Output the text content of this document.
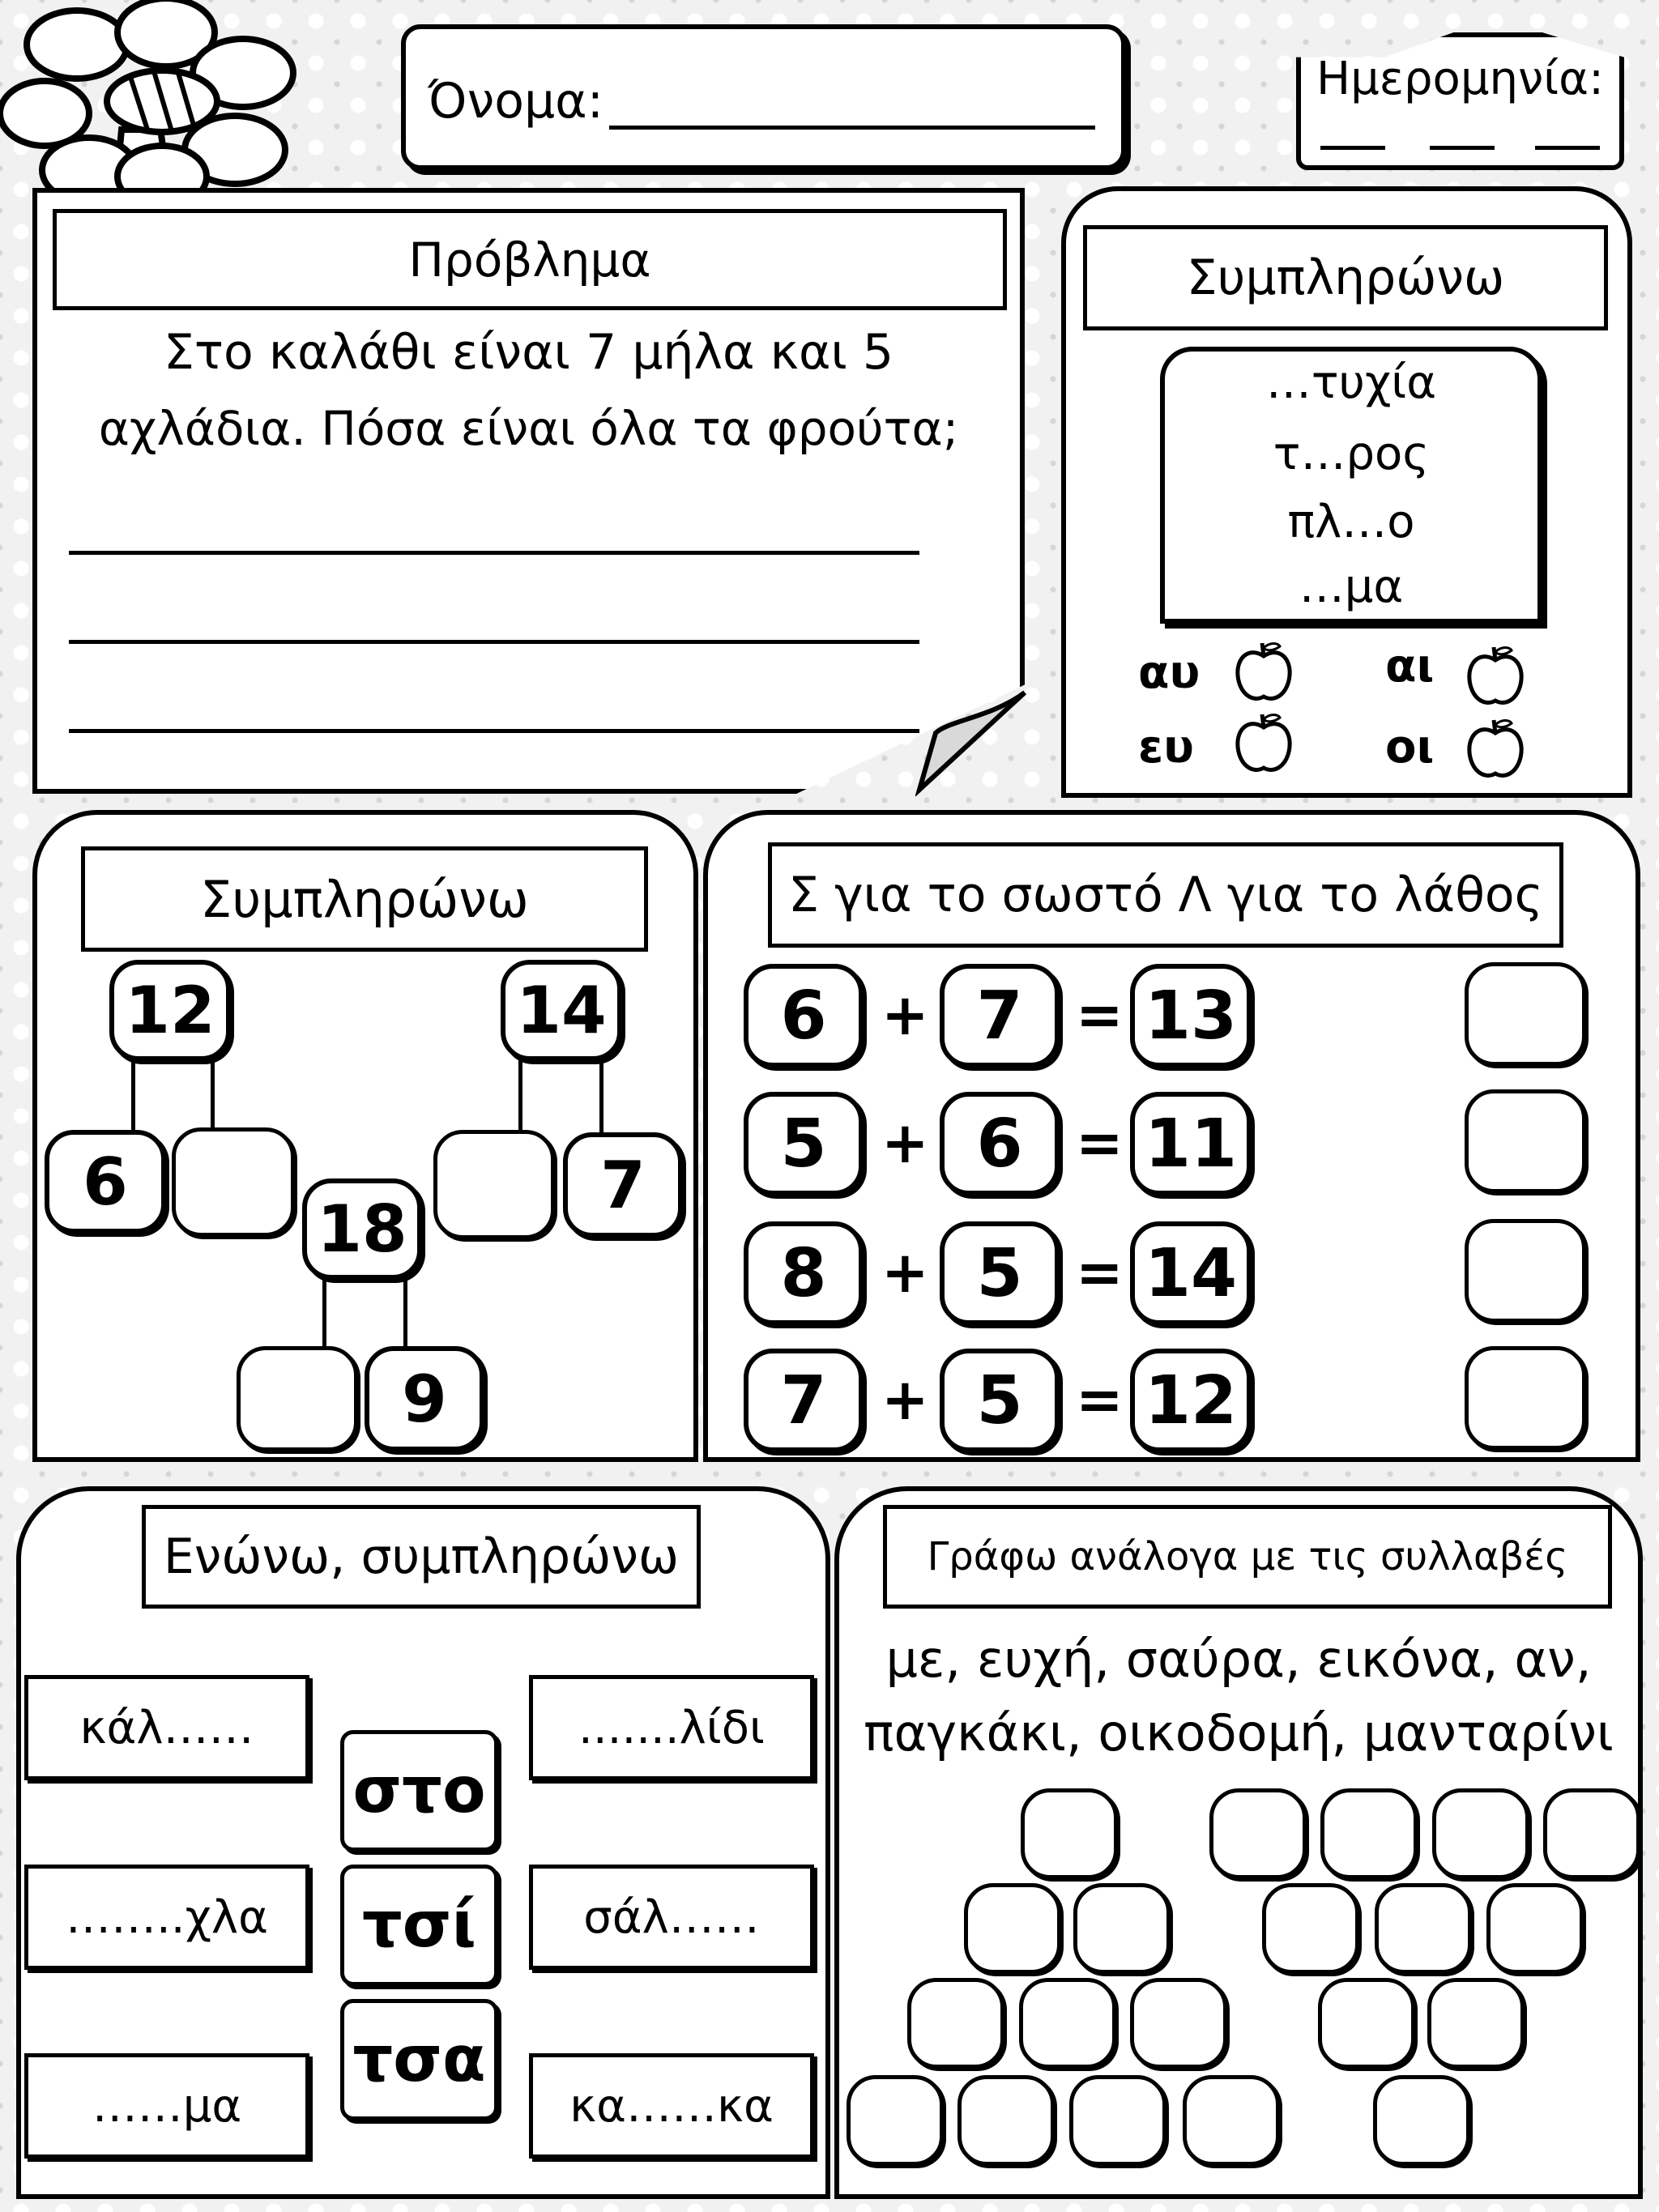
Όνομα:	Ημερομηνία:
Πρόβλημα
Στο καλάθι είναι 7 μήλα και 5
αχλάδια. Πόσα είναι όλα τα φρούτα;
Συμπληρώνω
…τυχία
τ…ρος
πλ…ο
…μα
αυ	αι
ευ	οι
Συμπληρώνω
12
6
14
7
18
9
Σ για το σωστό Λ για το λάθος
6 + 7 = 13
5 + 6 = 11
8 + 5 = 14
7 + 5 = 12
Ενώνω, συμπληρώνω
κάλ……
……..χλα
……μα
στο
τσί
τσα
.......λίδι
σάλ……
κα……κα
Γράφω ανάλογα με τις συλλαβές
με, ευχή, σαύρα, εικόνα, αν,
παγκάκι, οικοδομή, μανταρίνι
